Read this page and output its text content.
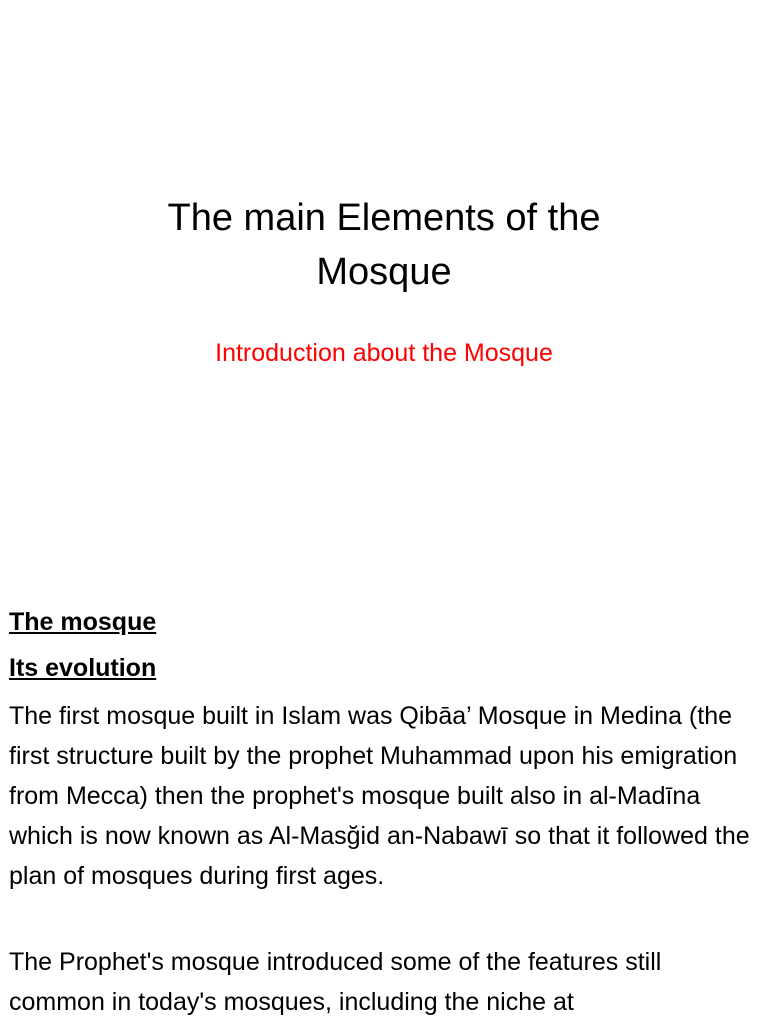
The main Elements of the
Mosque

Introduction about the Mosque

The mosque
Its evolution

The first mosque built in Islam was Qibāa’ Mosque in Medina (the first structure built by the prophet Muhammad upon his emigration from Mecca) then the prophet's mosque built also in al-Madīna which is now known as Al-Masğid an-Nabawī so that it followed the plan of mosques during first ages.

The Prophet's mosque introduced some of the features still common in today's mosques, including the niche at
